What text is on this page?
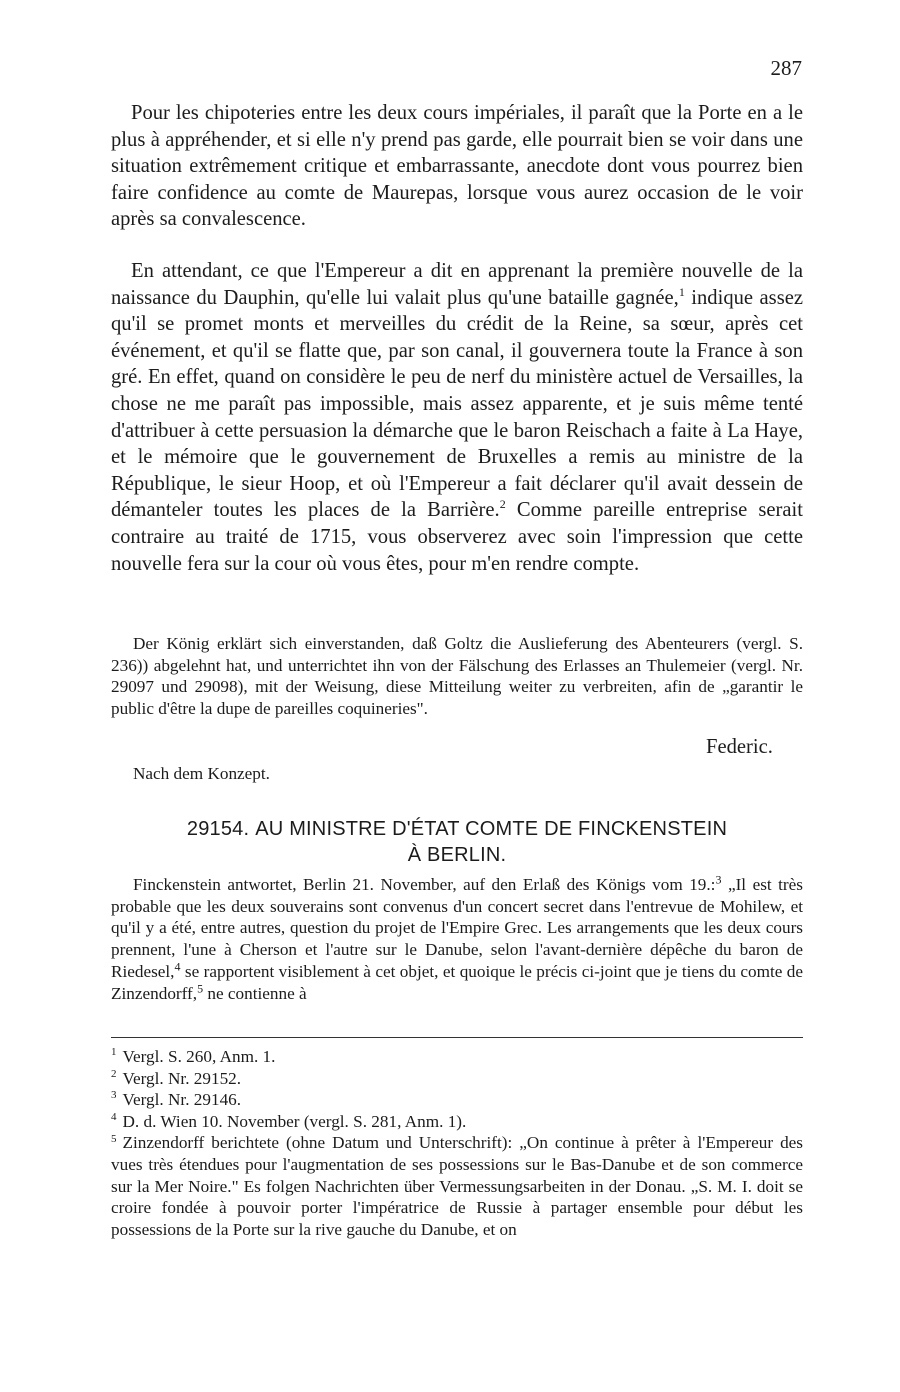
287

Pour les chipoteries entre les deux cours impériales, il paraît que la Porte en a le plus à appréhender, et si elle n'y prend pas garde, elle pourrait bien se voir dans une situation extrêmement critique et embarrassante, anecdote dont vous pourrez bien faire confidence au comte de Maurepas, lorsque vous aurez occasion de le voir après sa convalescence.

En attendant, ce que l'Empereur a dit en apprenant la première nouvelle de la naissance du Dauphin, qu'elle lui valait plus qu'une bataille gagnée,$^1$ indique assez qu'il se promet monts et merveilles du crédit de la Reine, sa sœur, après cet événement, et qu'il se flatte que, par son canal, il gouvernera toute la France à son gré. En effet, quand on considère le peu de nerf du ministère actuel de Versailles, la chose ne me paraît pas impossible, mais assez apparente, et je suis même tenté d'attribuer à cette persuasion la démarche que le baron Reischach a faite à La Haye, et le mémoire que le gouvernement de Bruxelles a remis au ministre de la République, le sieur Hoop, et où l'Empereur a fait déclarer qu'il avait dessein de démanteler toutes les places de la Barrière.$^2$ Comme pareille entreprise serait contraire au traité de 1715, vous observerez avec soin l'impression que cette nouvelle fera sur la cour où vous êtes, pour m'en rendre compte.

Der König erklärt sich einverstanden, daß Goltz die Auslieferung des Abenteurers (vergl. S. 236)) abgelehnt hat, und unterrichtet ihn von der Fälschung des Erlasses an Thulemeier (vergl. Nr. 29097 und 29098), mit der Weisung, diese Mitteilung weiter zu verbreiten, afin de „garantir le public d'être la dupe de pareilles coquineries".

Federic.
Nach dem Konzept.
29154. AU MINISTRE D'ÉTAT COMTE DE FINCKENSTEIN
À BERLIN.

Finckenstein antwortet, Berlin 21. November, auf den Erlaß des Königs vom 19.:$^3$ „Il est très probable que les deux souverains sont convenus d'un concert secret dans l'entrevue de Mohilew, et qu'il y a été, entre autres, question du projet de l'Empire Grec. Les arrangements que les deux cours prennent, l'une à Cherson et l'autre sur le Danube, selon l'avant-dernière dépêche du baron de Riedesel,$^4$ se rapportent visiblement à cet objet, et quoique le précis ci-joint que je tiens du comte de Zinzendorff,$^5$ ne contienne à

$^1$ Vergl. S. 260, Anm. 1.
$^2$ Vergl. Nr. 29152.
$^3$ Vergl. Nr. 29146.
$^4$ D. d. Wien 10. November (vergl. S. 281, Anm. 1).
$^5$ Zinzendorff berichtete (ohne Datum und Unterschrift): „On continue à prêter à l'Empereur des vues très étendues pour l'augmentation de ses possessions sur le Bas-Danube et de son commerce sur la Mer Noire." Es folgen Nachrichten über Vermessungsarbeiten in der Donau. „S. M. I. doit se croire fondée à pouvoir porter l'impératrice de Russie à partager ensemble pour début les possessions de la Porte sur la rive gauche du Danube, et on
